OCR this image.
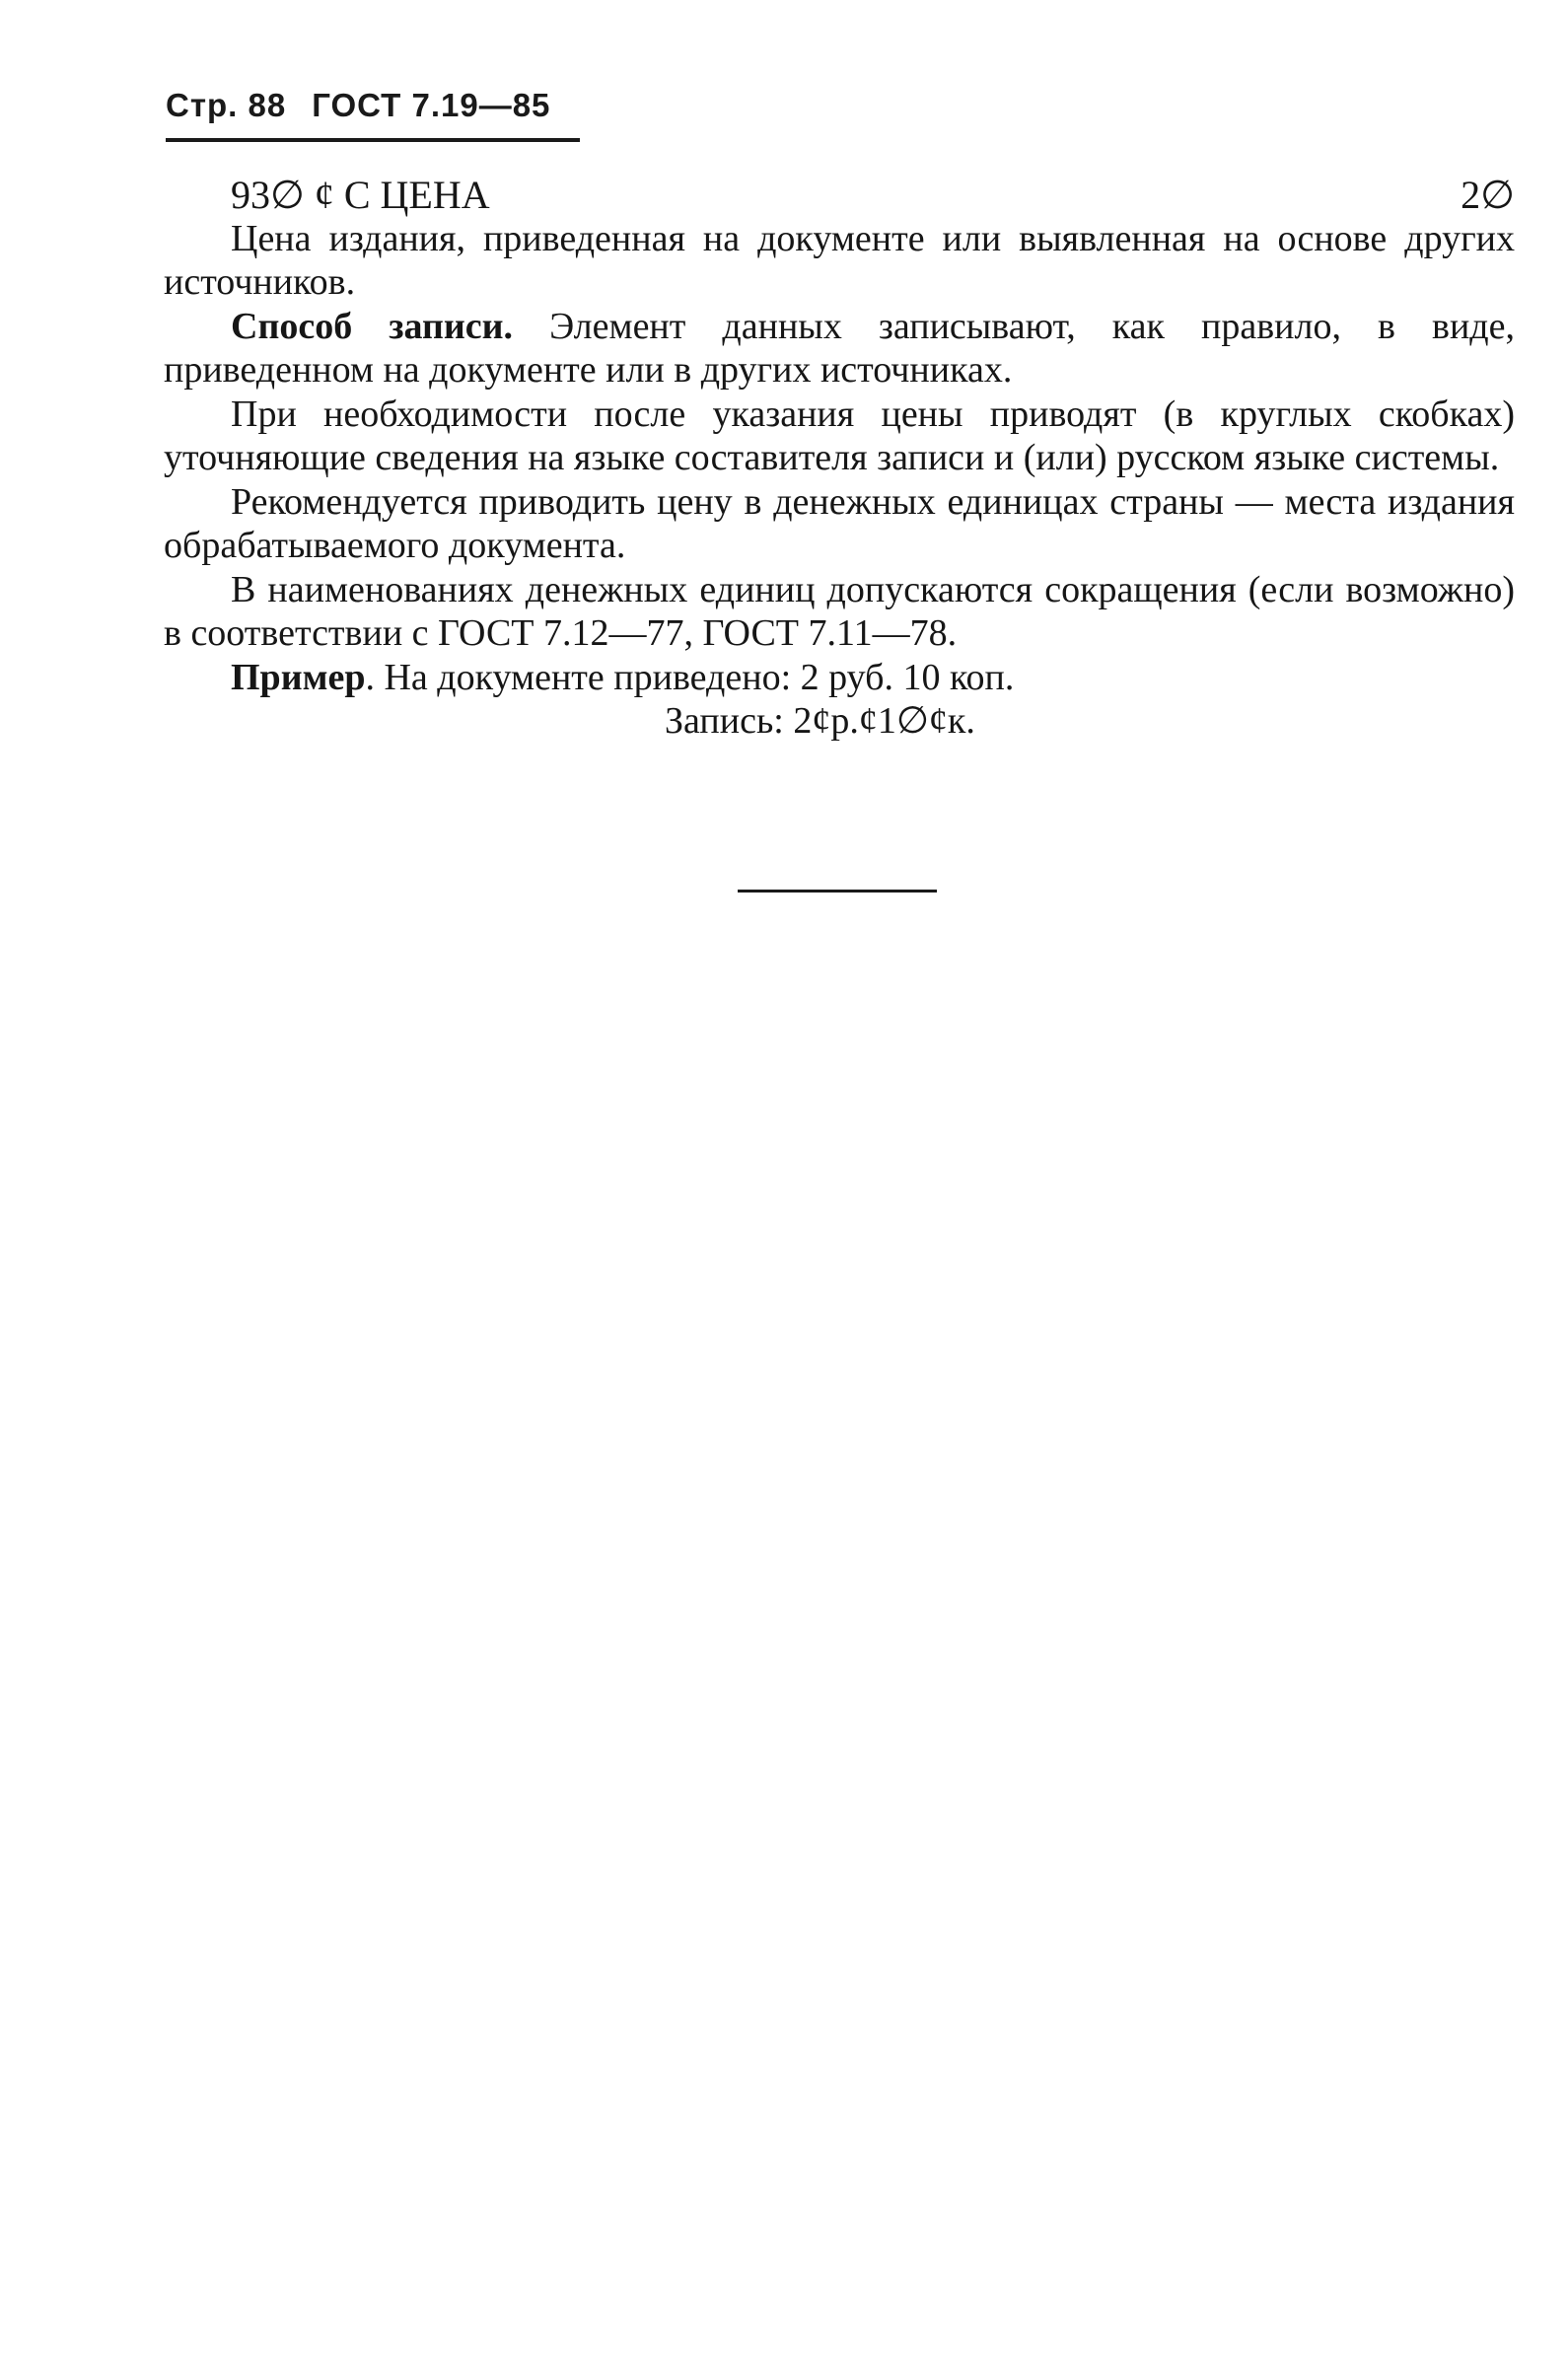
Стр. 88 ГОСТ 7.19—85
93∅ ȼ С ЦЕНА	2∅

Цена издания, приведенная на документе или выявленная на основе других источников.

Способ записи. Элемент данных записывают, как правило, в виде, приведенном на документе или в других источниках.

При необходимости после указания цены приводят (в круглых скобках) уточняющие сведения на языке составителя записи и (или) русском языке системы.

Рекомендуется приводить цену в денежных единицах страны — места издания обрабатываемого документа.

В наименованиях денежных единиц допускаются сокращения (если возможно) в соответствии с ГОСТ 7.12—77, ГОСТ 7.11—78.

Пример. На документе приведено: 2 руб. 10 коп.
Запись: 2ȼр.ȼ1∅ȼк.
